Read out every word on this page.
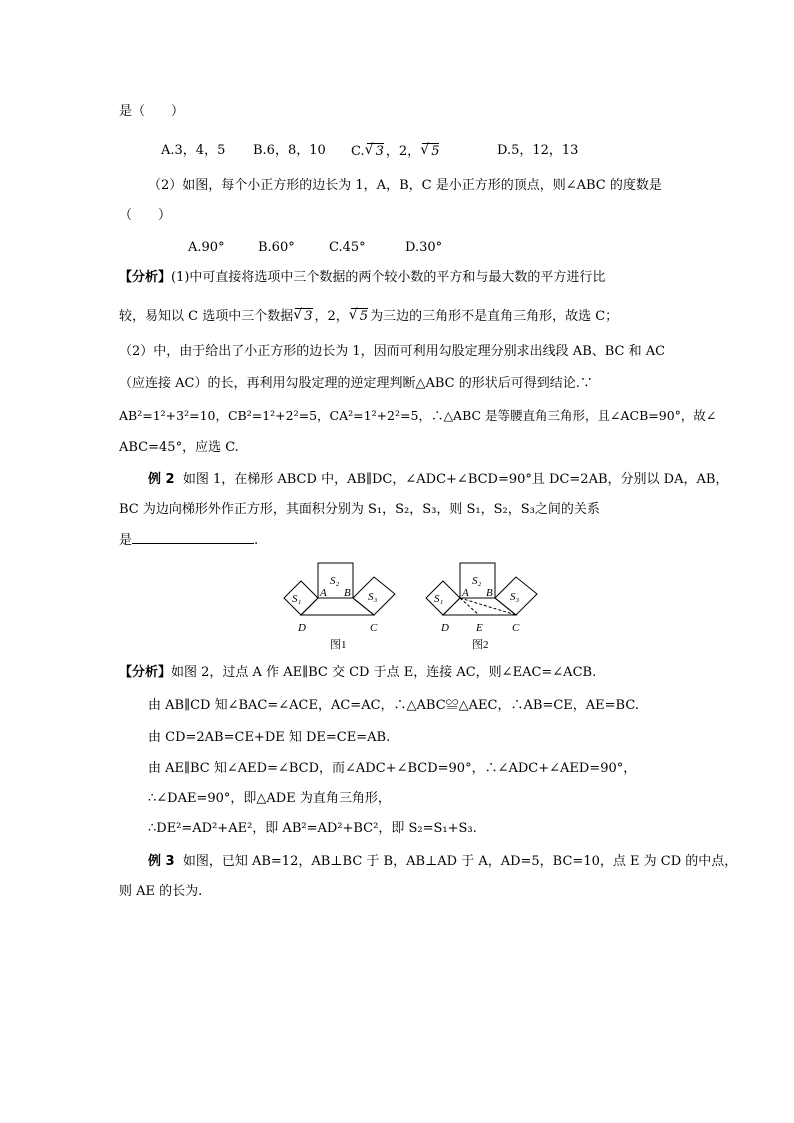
是（　　）
A.3，4，5 B.6，8，10 C. √ 3 ，2， √ 5	D.5，12，13
（2）如图，每个小正方形的边长为 1，A，B，C 是小正方形的顶点，则∠ABC 的度数是
（　　）
A.90°	B.60°	C.45°	D.30°
【分析】(1)中可直接将选项中三个数据的两个较小数的平方和与最大数的平方进行比
较，易知以 C 选项中三个数据 √ 3 ，2， √ 5 为三边的三角形不是直角三角形，故选 C；
（2）中，由于给出了小正方形的边长为 1，因而可利用勾股定理分别求出线段 AB、BC 和 AC
（应连接 AC）的长，再利用勾股定理的逆定理判断△ABC 的形状后可得到结论.∵
AB²=1²+3²=10，CB²=1²+2²=5，CA²=1²+2²=5，∴△ABC 是等腰直角三角形，且∠ACB=90°，故∠
ABC=45°，应选 C.
例 2 如图 1，在梯形 ABCD 中，AB∥DC，∠ADC+∠BCD=90°且 DC=2AB，分别以 DA，AB，
BC 为边向梯形外作正方形，其面积分别为 S₁，S₂，S₃，则 S₁，S₂，S₃之间的关系
是	.
S₁
S₂
S₃
A B
D	C
图1
S₁
S₂
S₃
A B
D E	C
图2
【分析】如图 2，过点 A 作 AE∥BC 交 CD 于点 E，连接 AC，则∠EAC=∠ACB.
由 AB∥CD 知∠BAC=∠ACE，AC=AC，∴△ABC≌△AEC，∴AB=CE，AE=BC.
由 CD=2AB=CE+DE 知 DE=CE=AB.
由 AE∥BC 知∠AED=∠BCD，而∠ADC+∠BCD=90°，∴∠ADC+∠AED=90°，
∴∠DAE=90°，即△ADE 为直角三角形，
∴DE²=AD²+AE²，即 AB²=AD²+BC²，即 S₂=S₁+S₃.
例 3 如图，已知 AB=12，AB⊥BC 于 B，AB⊥AD 于 A，AD=5，BC=10，点 E 为 CD 的中点，
则 AE 的长为.
